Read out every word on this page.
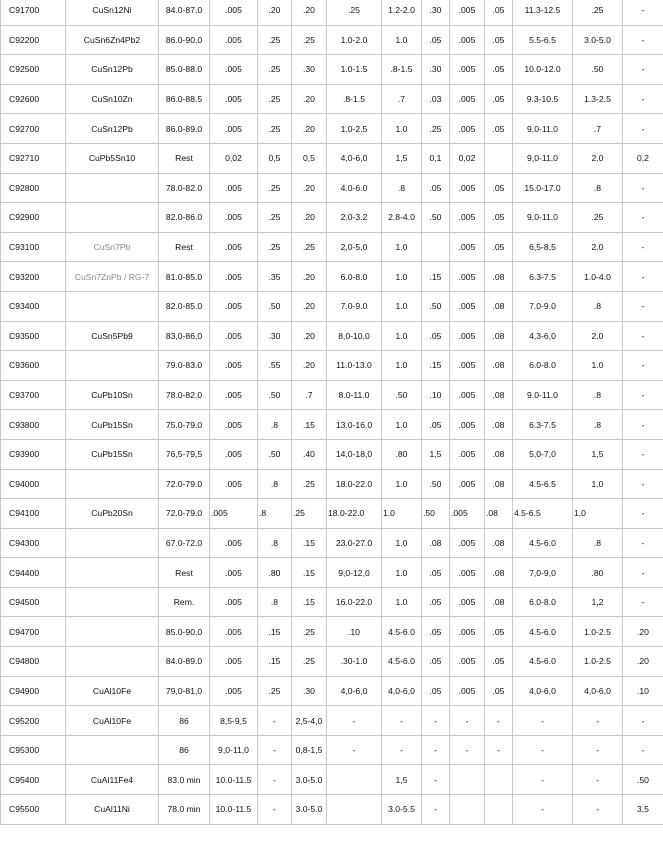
C91700	CuSn12Ni	84.0-87.0	.005	.20	.20	.25	1.2-2.0	.30	.005	.05	11.3-12.5	.25	-
C92200	CuSn6Zn4Pb2	86.0-90.0	.005	.25	.25	1.0-2.0	1.0	.05	.005	.05	5.5-6.5	3.0-5.0	-
C92500	CuSn12Pb	85.0-88.0	.005	.25	.30	1.0-1.5	.8-1.5	.30	.005	.05	10.0-12.0	.50	-
C92600	CuSn10Zn	86.0-88.5	.005	.25	.20	.8-1.5	.7	.03	.005	.05	9.3-10.5	1.3-2.5	-
C92700	CuSn12Pb	86.0-89.0	.005	.25	.20	1.0-2.5	1.0	.25	.005	.05	9.0-11.0	.7	-
C92710	CuPb5Sn10	Rest	0,02	0,5	0,5	4,0-6,0	1,5	0,1	0,02		9,0-11,0	2.0	0,2
C92800		78.0-82.0	.005	.25	.20	4.0-6.0	.8	.05	.005	.05	15.0-17.0	.8	-
C92900		82.0-86.0	.005	.25	.20	2.0-3.2	2.8-4.0	.50	.005	.05	9.0-11.0	.25	-
C93100	CuSn7Pb	Rest	.005	.25	.25	2,0-5,0	1.0		.005	.05	6,5-8,5	2.0	-
C93200	CuSn7ZnPb / RG-7	81.0-85.0	.005	.35	.20	6.0-8.0	1.0	.15	.005	.08	6.3-7.5	1.0-4.0	-
C93400		82.0-85.0	.005	.50	.20	7.0-9.0	1.0	.50	.005	.08	7.0-9.0	.8	-
C93500	CuSn5Pb9	83,0-86,0	.005	.30	.20	8,0-10,0	1.0	.05	.005	.08	4,3-6,0	2.0	-
C93600		79.0-83.0	.005	.55	.20	11.0-13.0	1.0	.15	.005	.08	6.0-8.0	1.0	-
C93700	CuPb10Sn	78.0-82.0	.005	.50	.7	8.0-11.0	.50	.10	.005	.08	9.0-11.0	.8	-
C93800	CuPb15Sn	75.0-79.0	.005	.8	.15	13.0-16.0	1.0	.05	.005	.08	6.3-7.5	.8	-
C93900	CuPb15Sn	76,5-79,5	.005	.50	.40	14,0-18,0	.80	1,5	.005	.08	5,0-7,0	1,5	-
C94000		72.0-79.0	.005	.8	.25	18.0-22.0	1.0	.50	.005	.08	4.5-6.5	1.0	-
C94100	CuPb20Sn	72.0-79.0	.005	.8	.25	18.0-22.0	1.0	.50	.005	.08	4.5-6.5	1.0	-
C94300		67.0-72.0	.005	.8	.15	23.0-27.0	1.0	.08	.005	.08	4.5-6.0	.8	-
C94400		Rest	.005	.80	.15	9,0-12,0	1.0	.05	.005	.08	7,0-9,0	.80	-
C94500		Rem.	.005	.8	.15	16.0-22.0	1.0	.05	.005	.08	6.0-8.0	1,2	-
C94700		85.0-90.0	.005	.15	.25	.10	4.5-6.0	.05	.005	.05	4.5-6.0	1.0-2.5	.20
C94800		84.0-89.0	.005	.15	.25	.30-1.0	4.5-6.0	.05	.005	.05	4.5-6.0	1.0-2.5	.20
C94900	CuAl10Fe	79,0-81,0	.005	.25	.30	4,0-6,0	4,0-6,0	.05	.005	.05	4,0-6,0	4,0-6,0	.10
C95200	CuAl10Fe	86	8,5-9,5	-	2,5-4,0	-	-	-	-	-	-	-	-
C95300		86	9,0-11,0	-	0,8-1,5	-	-	-	-	-	-	-	-
C95400	CuAl11Fe4	83.0 min	10.0-11.5	-	3.0-5.0		1,5	-			-	-	.50
C95500	CuAl11Ni	78.0 min	10.0-11.5	-	3.0-5.0		3.0-5.5	-			-	-	3,5
